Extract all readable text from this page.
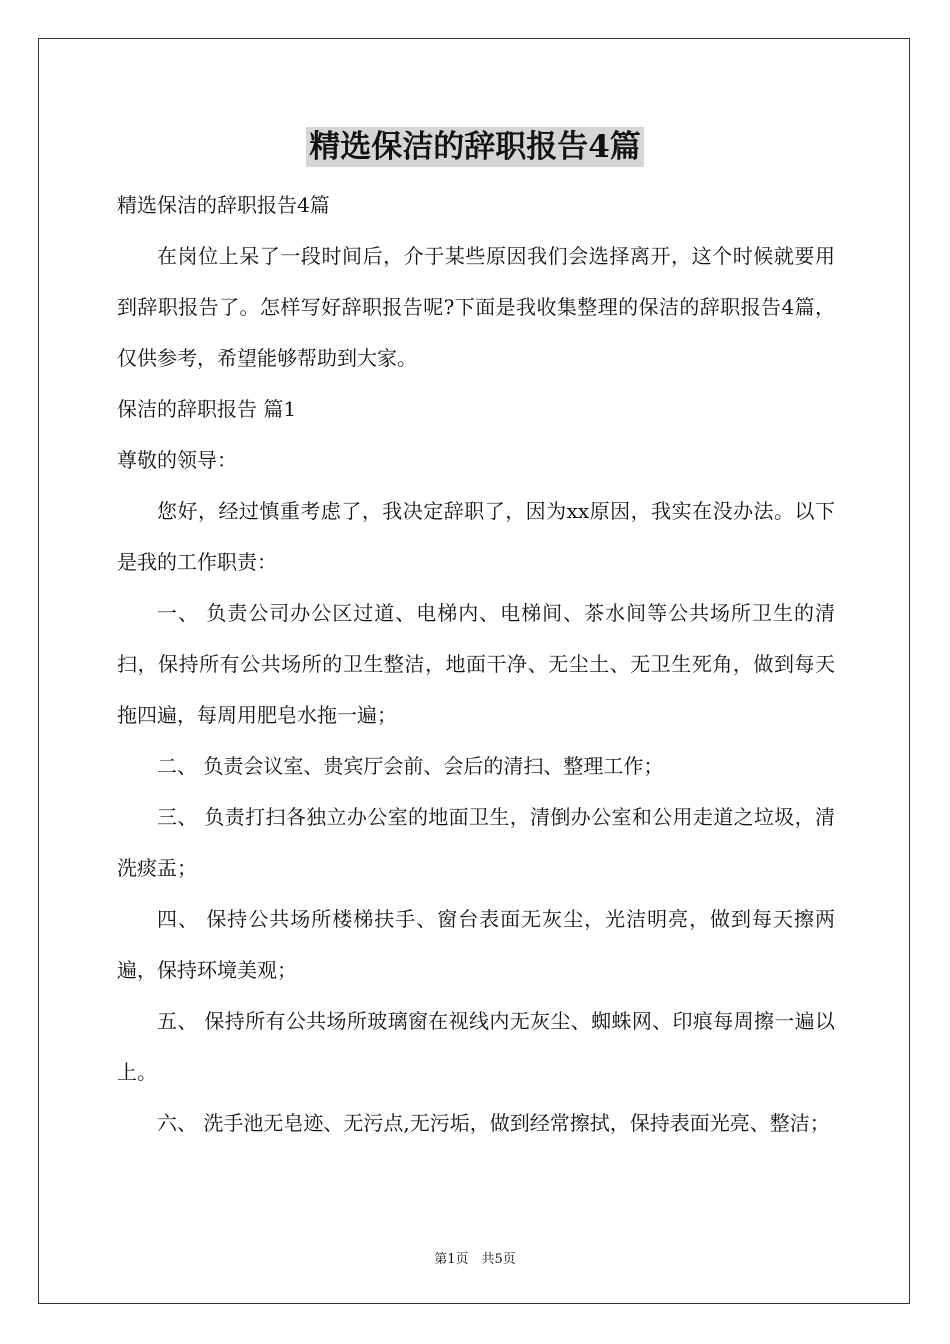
精选保洁的辞职报告4篇

精选保洁的辞职报告4篇

在岗位上呆了一段时间后，介于某些原因我们会选择离开，这个时候就要用到辞职报告了。怎样写好辞职报告呢?下面是我收集整理的保洁的辞职报告4篇，仅供参考，希望能够帮助到大家。

保洁的辞职报告 篇1

尊敬的领导：

您好，经过慎重考虑了，我决定辞职了，因为xx原因，我实在没办法。以下是我的工作职责：

一、 负责公司办公区过道、电梯内、电梯间、茶水间等公共场所卫生的清扫，保持所有公共场所的卫生整洁，地面干净、无尘土、无卫生死角，做到每天拖四遍，每周用肥皂水拖一遍；

二、 负责会议室、贵宾厅会前、会后的清扫、整理工作；

三、 负责打扫各独立办公室的地面卫生，清倒办公室和公用走道之垃圾，清洗痰盂；

四、 保持公共场所楼梯扶手、窗台表面无灰尘，光洁明亮，做到每天擦两遍，保持环境美观；

五、 保持所有公共场所玻璃窗在视线内无灰尘、蜘蛛网、印痕每周擦一遍以上。

六、 洗手池无皂迹、无污点,无污垢，做到经常擦拭，保持表面光亮、整洁；

第1页　共5页
